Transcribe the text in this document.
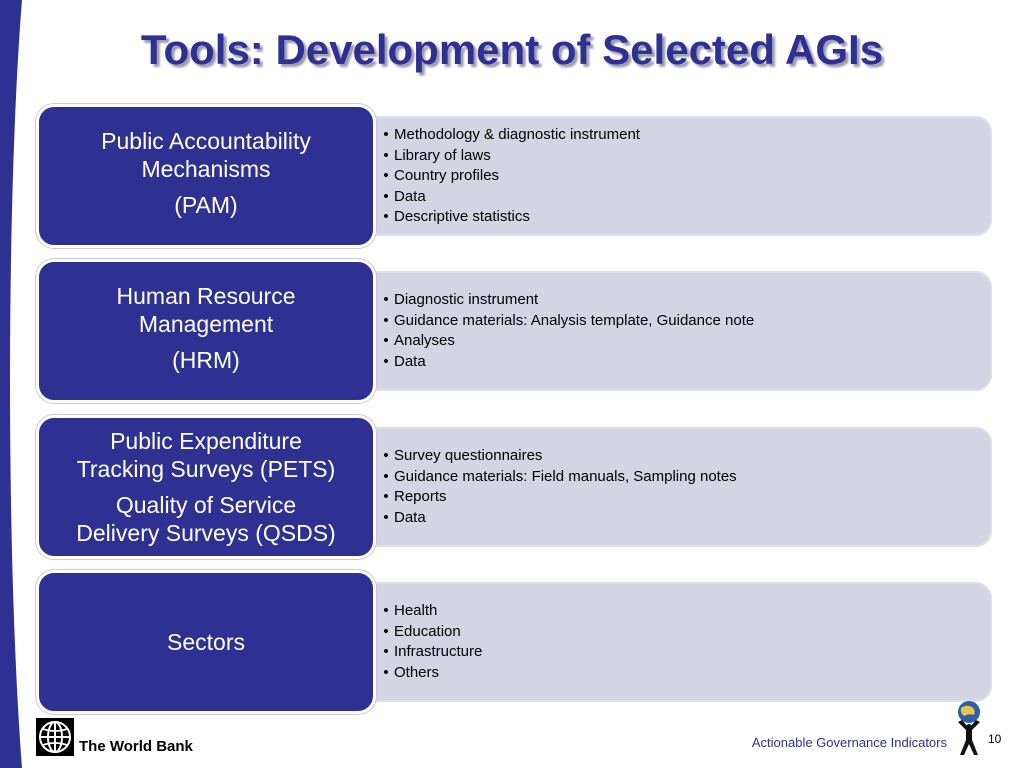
Tools: Development of Selected AGIs
• Methodology & diagnostic instrument
• Library of laws
• Country profiles
• Data
• Descriptive statistics
Public Accountability
Mechanisms
(PAM)
• Diagnostic instrument
• Guidance materials: Analysis template, Guidance note
• Analyses
• Data
Human Resource
Management
(HRM)
• Survey questionnaires
• Guidance materials: Field manuals, Sampling notes
• Reports
• Data
Public Expenditure
Tracking Surveys (PETS)
Quality of Service
Delivery Surveys (QSDS)
• Health
• Education
• Infrastructure
• Others
Sectors
The World Bank	Actionable Governance Indicators	10
